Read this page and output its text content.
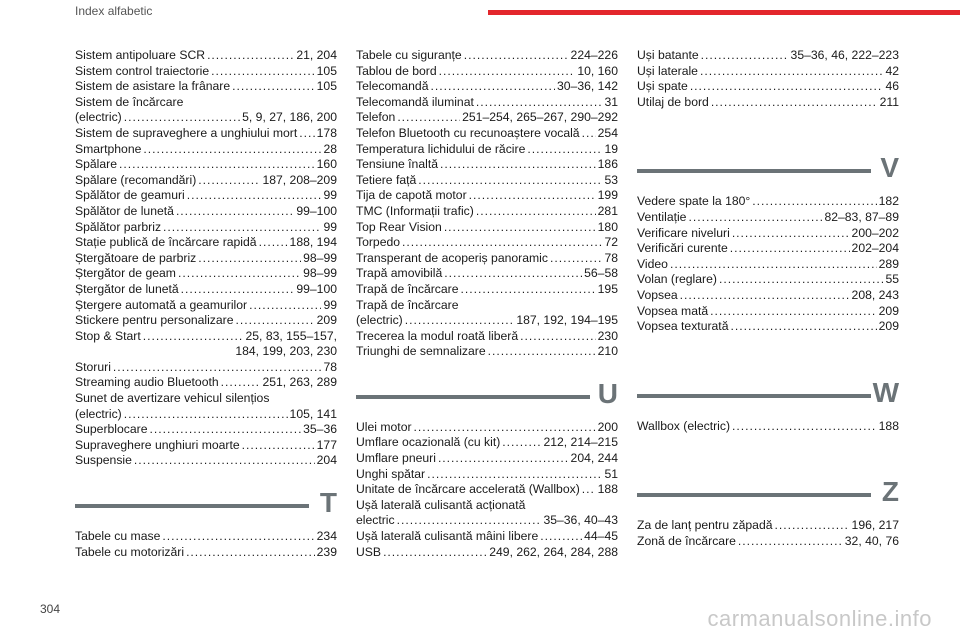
Index alfabetic
Sistem antipoluare SCR . . .	21, 204
Sistem control traiectorie . . .	105
Sistem de asistare la frânare . . .	105
Sistem de încărcare
(electric) . . .	5, 9, 27, 186, 200
Sistem de supraveghere a unghiului mort . . . 178
Smartphone . . .	28
Spălare . . .	160
Spălare (recomandări) . . .	187, 208–209
Spălător de geamuri . . .	99
Spălător de lunetă . . .	99–100
Spălător parbriz . . .	99
Stație publică de încărcare rapidă . . .	188, 194
Ștergătoare de parbriz . . .	98–99
Ștergător de geam . . .	98–99
Ștergător de lunetă . . .	99–100
Ștergere automată a geamurilor . . .	99
Stickere pentru personalizare . . .	209
Stop & Start . . .	25, 83, 155–157,
184, 199, 203, 230
Storuri . . .	78
Streaming audio Bluetooth . . .	251, 263, 289
Sunet de avertizare vehicul silențios
(electric) . . .	105, 141
Superblocare . . .	35–36
Supraveghere unghiuri moarte . . .	177
Suspensie . . .	204
T
Tabele cu mase . . .	234
Tabele cu motorizări . . .	239
Tabele cu siguranțe . . .	224–226
Tablou de bord . . .	10, 160
Telecomandă . . .	30–36, 142
Telecomandă iluminat . . .	31
Telefon . . .	251–254, 265–267, 290–292
Telefon Bluetooth cu recunoaștere vocală . . . 254
Temperatura lichidului de răcire . . .	19
Tensiune înaltă . . .	186
Tetiere față . . .	53
Tija de capotă motor . . .	199
TMC (Informații trafic) . . .	281
Top Rear Vision . . .	180
Torpedo . . .	72
Transperant de acoperiș panoramic . . .	78
Trapă amovibilă . . .	56–58
Trapă de încărcare . . .	195
Trapă de încărcare
(electric) . . .	187, 192, 194–195
Trecerea la modul roată liberă . . .	230
Triunghi de semnalizare . . .	210
U
Ulei motor . . .	200
Umflare ocazională (cu kit) . . .	212, 214–215
Umflare pneuri . . .	204, 244
Unghi spătar . . .	51
Unitate de încărcare accelerată (Wallbox) . . . 188
Ușă laterală culisantă acționată
electric . . .	35–36, 40–43
Ușă laterală culisantă mâini libere . . .	44–45
USB . . .	249, 262, 264, 284, 288
Uși batante . . .	35–36, 46, 222–223
Uși laterale . . .	42
Uși spate . . .	46
Utilaj de bord . . .	211
V
Vedere spate la 180° . . .	182
Ventilație . . .	82–83, 87–89
Verificare niveluri . . .	200–202
Verificări curente . . .	202–204
Video . . .	289
Volan (reglare) . . .	55
Vopsea . . .	208, 243
Vopsea mată . . .	209
Vopsea texturată . . .	209
W
Wallbox (electric) . . .	188
Z
Za de lanț pentru zăpadă . . .	196, 217
Zonă de încărcare . . .	32, 40, 76
304	carmanualsonline.info
